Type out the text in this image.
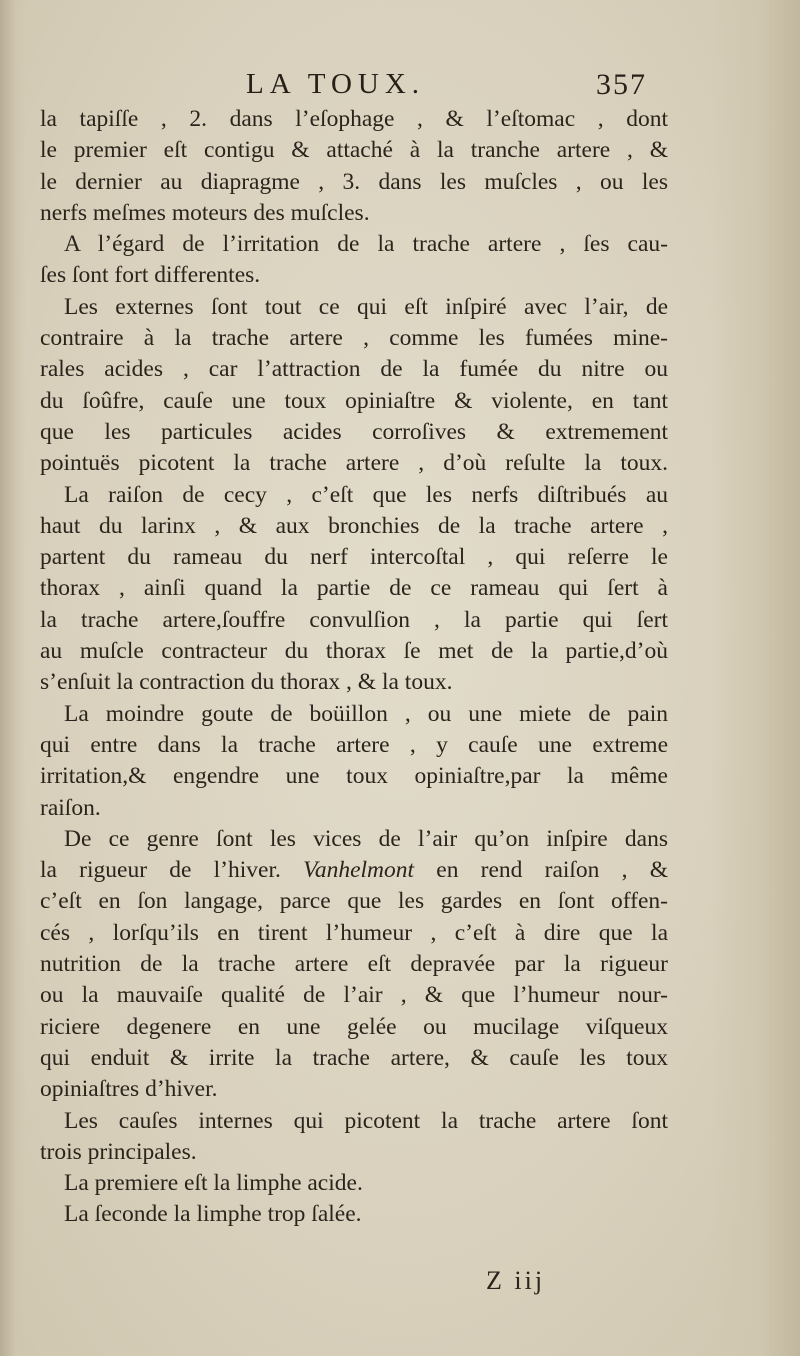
LA TOUX.	357
la tapiſſe , 2. dans l’eſophage , & l’eſtomac , dont
le premier eſt contigu & attaché à la tranche artere , &
le dernier au diapragme , 3. dans les muſcles , ou les
nerfs meſmes moteurs des muſcles.
A l’égard de l’irritation de la trache artere , ſes cau-
ſes ſont fort differentes.
Les externes ſont tout ce qui eſt inſpiré avec l’air, de
contraire à la trache artere , comme les fumées mine-
rales acides , car l’attraction de la fumée du nitre ou
du ſoûfre, cauſe une toux opiniaſtre & violente, en tant
que les particules acides corroſives & extremement
pointuës picotent la trache artere , d’où reſulte la toux.
La raiſon de cecy , c’eſt que les nerfs diſtribués au
haut du larinx , & aux bronchies de la trache artere ,
partent du rameau du nerf intercoſtal , qui reſerre le
thorax , ainſi quand la partie de ce rameau qui ſert à
la trache artere,ſouffre convulſion , la partie qui ſert
au muſcle contracteur du thorax ſe met de la partie,d’où
s’enſuit la contraction du thorax , & la toux.
La moindre goute de boüillon , ou une miete de pain
qui entre dans la trache artere , y cauſe une extreme
irritation,& engendre une toux opiniaſtre,par la même
raiſon.
De ce genre ſont les vices de l’air qu’on inſpire dans
la rigueur de l’hiver. Vanhelmont en rend raiſon , &
c’eſt en ſon langage, parce que les gardes en ſont offen-
cés , lorſqu’ils en tirent l’humeur , c’eſt à dire que la
nutrition de la trache artere eſt depravée par la rigueur
ou la mauvaiſe qualité de l’air , & que l’humeur nour-
riciere degenere en une gelée ou mucilage viſqueux
qui enduit & irrite la trache artere, & cauſe les toux
opiniaſtres d’hiver.
Les cauſes internes qui picotent la trache artere ſont
trois principales.
La premiere eſt la limphe acide.
La ſeconde la limphe trop ſalée.
Z iij
